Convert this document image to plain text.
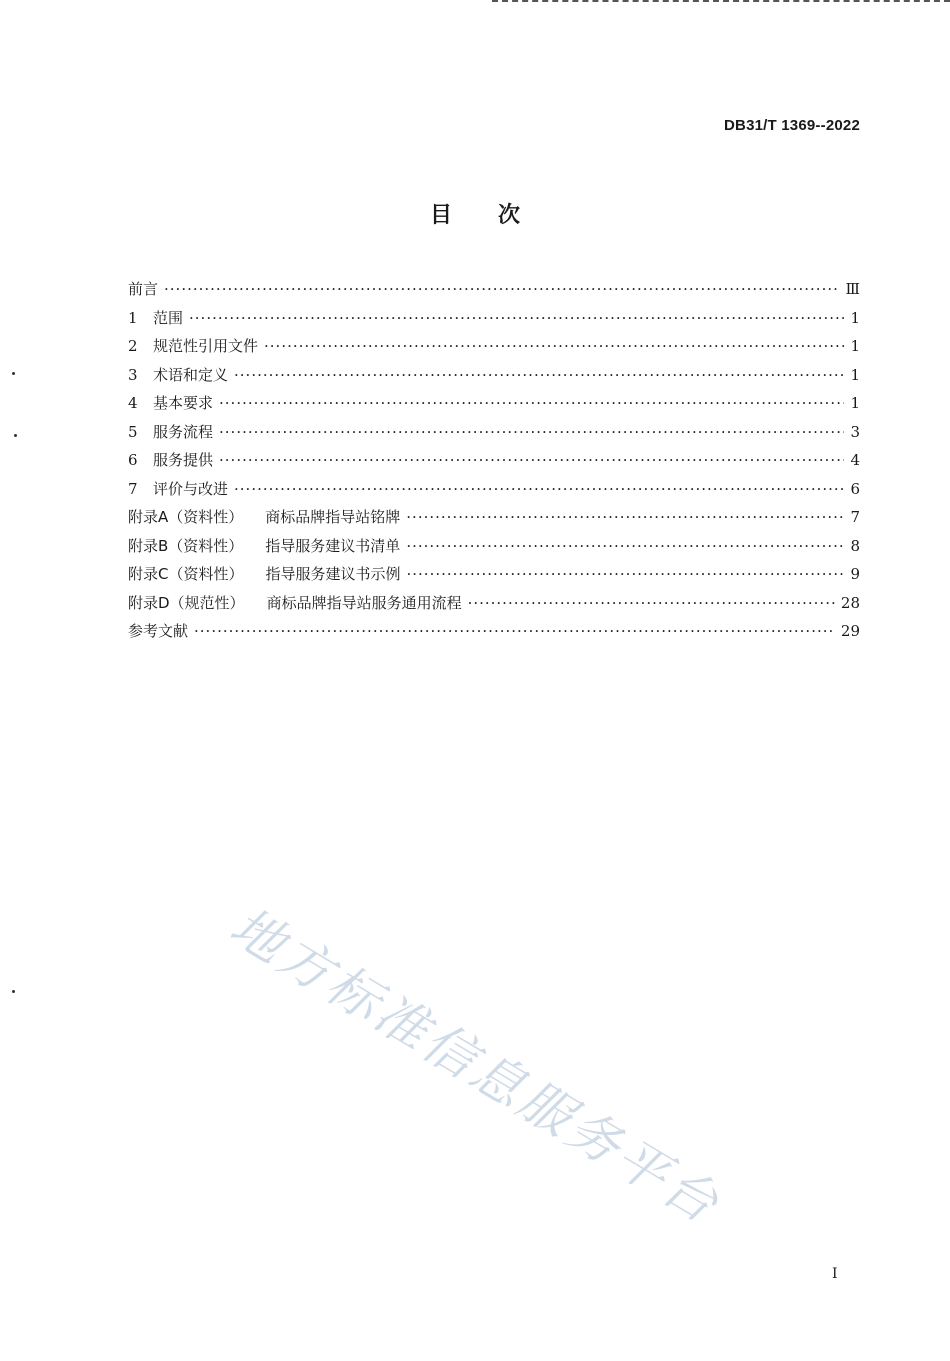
DB31/T 1369--2022
目次
前言 ·····	Ⅲ
1	范围 ·····	1
2	规范性引用文件 ·····	1
3	术语和定义 ·····	1
4	基本要求 ·····	1
5	服务流程 ·····	3
6	服务提供 ·····	4
7	评价与改进 ·····	6
附录A（资料性） 商标品牌指导站铭牌 ·····	7
附录B（资料性） 指导服务建议书清单 ·····	8
附录C（资料性） 指导服务建议书示例 ·····	9
附录D（规范性） 商标品牌指导站服务通用流程 ·····	28
参考文献 ·····	29
地方标准信息服务平台
I
